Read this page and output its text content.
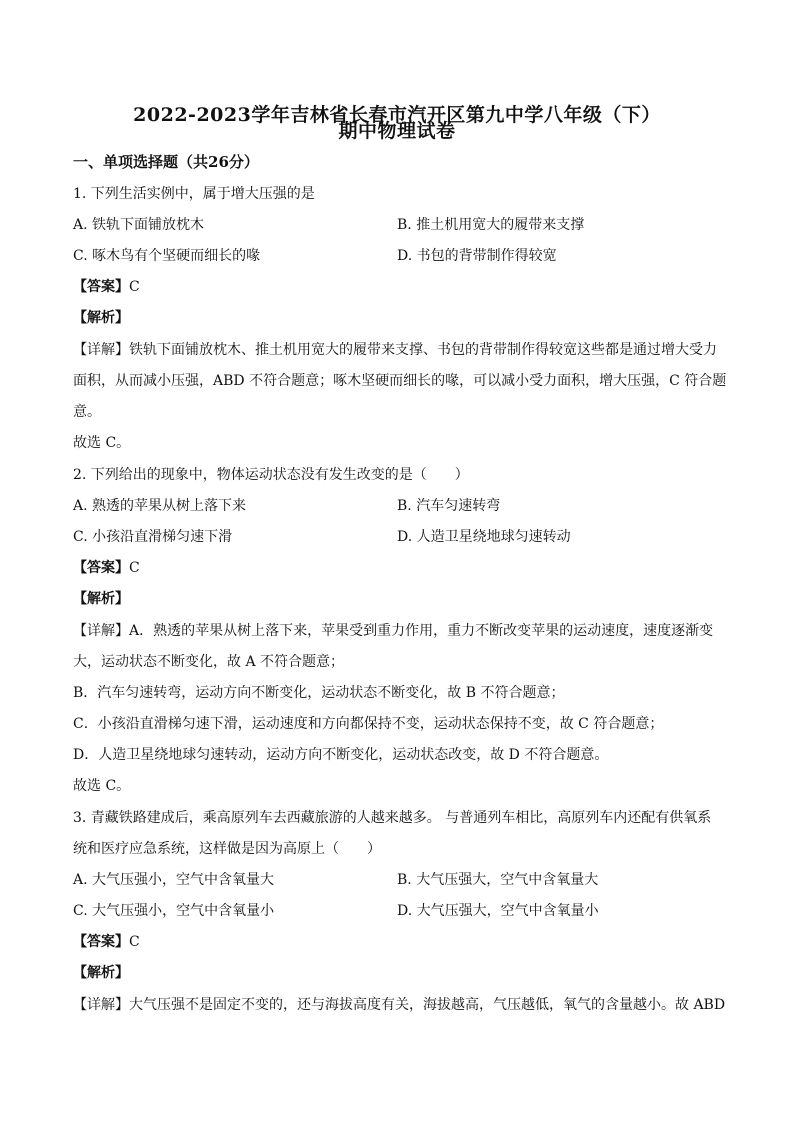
2022-2023学年吉林省长春市汽开区第九中学八年级（下）
期中物理试卷
一、单项选择题（共26分）
1. 下列生活实例中，属于增大压强的是
A. 铁轨下面铺放枕木	B. 推土机用宽大的履带来支撑
C. 啄木鸟有个坚硬而细长的喙	D. 书包的背带制作得较宽
【答案】C
【解析】
【详解】铁轨下面铺放枕木、推土机用宽大的履带来支撑、书包的背带制作得较宽这些都是通过增大受力
面积，从而减小压强，ABD 不符合题意；啄木坚硬而细长的喙，可以减小受力面积，增大压强，C 符合题
意。
故选 C。
2. 下列给出的现象中，物体运动状态没有发生改变的是（　　）
A. 熟透的苹果从树上落下来	B. 汽车匀速转弯
C. 小孩沿直滑梯匀速下滑	D. 人造卫星绕地球匀速转动
【答案】C
【解析】
【详解】A．熟透的苹果从树上落下来，苹果受到重力作用，重力不断改变苹果的运动速度，速度逐渐变
大，运动状态不断变化，故 A 不符合题意；
B．汽车匀速转弯，运动方向不断变化，运动状态不断变化，故 B 不符合题意；
C．小孩沿直滑梯匀速下滑，运动速度和方向都保持不变，运动状态保持不变，故 C 符合题意；
D．人造卫星绕地球匀速转动，运动方向不断变化，运动状态改变，故 D 不符合题意。
故选 C。
3. 青藏铁路建成后，乘高原列车去西藏旅游的人越来越多。 与普通列车相比，高原列车内还配有供氧系
统和医疗应急系统，这样做是因为高原上（　　）
A. 大气压强小，空气中含氧量大	B. 大气压强大，空气中含氧量大
C. 大气压强小，空气中含氧量小	D. 大气压强大，空气中含氧量小
【答案】C
【解析】
【详解】大气压强不是固定不变的，还与海拔高度有关，海拔越高，气压越低，氧气的含量越小。故 ABD
